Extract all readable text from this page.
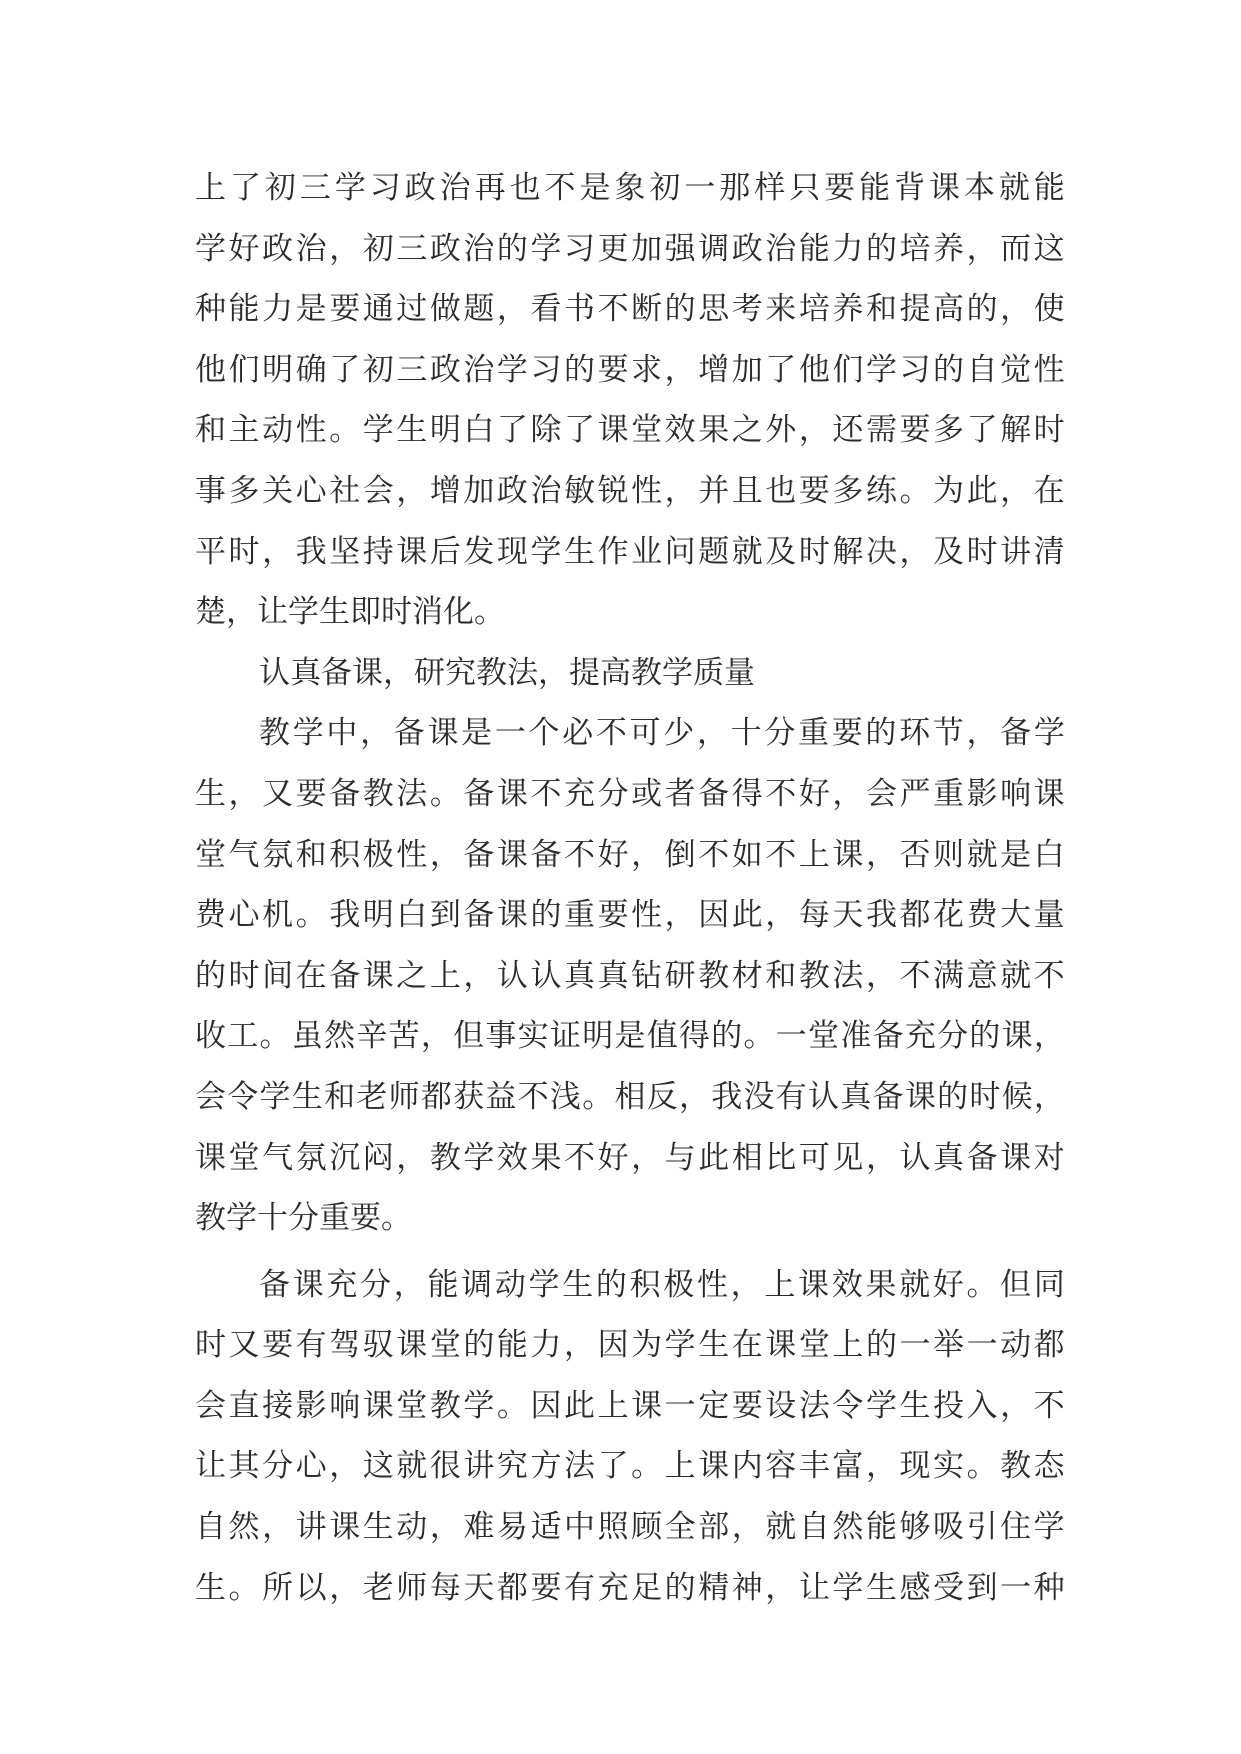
上 了 初 三 学 习 政 治 再 也 不 是 象 初 一 那 样 只 要 能 背 课 本 就 能
学 好 政 治 ， 初 三 政 治 的 学 习 更 加 强 调 政 治 能 力 的 培 养 ， 而 这
种 能 力 是 要 通 过 做 题 ， 看 书 不 断 的 思 考 来 培 养 和 提 高 的 ， 使
他 们 明 确 了 初 三 政 治 学 习 的 要 求 ， 增 加 了 他 们 学 习 的 自 觉 性
和 主 动 性 。 学 生 明 白 了 除 了 课 堂 效 果 之 外 ， 还 需 要 多 了 解 时
事 多 关 心 社 会 ， 增 加 政 治 敏 锐 性 ， 并 且 也 要 多 练 。 为 此 ， 在
平 时 ， 我 坚 持 课 后 发 现 学 生 作 业 问 题 就 及 时 解 决 ， 及 时 讲 清
楚，让学生即时消化。
认真备课，研究教法，提高教学质量
教 学 中 ， 备 课 是 一 个 必 不 可 少 ， 十 分 重 要 的 环 节 ， 备 学
生 ， 又 要 备 教 法 。 备 课 不 充 分 或 者 备 得 不 好 ， 会 严 重 影 响 课
堂 气 氛 和 积 极 性 ， 备 课 备 不 好 ， 倒 不 如 不 上 课 ， 否 则 就 是 白
费 心 机 。 我 明 白 到 备 课 的 重 要 性 ， 因 此 ， 每 天 我 都 花 费 大 量
的 时 间 在 备 课 之 上 ， 认 认 真 真 钻 研 教 材 和 教 法 ， 不 满 意 就 不
收 工 。 虽 然 辛 苦 ， 但 事 实 证 明 是 值 得 的 。 一 堂 准 备 充 分 的 课 ，
会 令 学 生 和 老 师 都 获 益 不 浅 。 相 反 ， 我 没 有 认 真 备 课 的 时 候 ，
课 堂 气 氛 沉 闷 ， 教 学 效 果 不 好 ， 与 此 相 比 可 见 ， 认 真 备 课 对
教学十分重要。
备 课 充 分 ， 能 调 动 学 生 的 积 极 性 ， 上 课 效 果 就 好 。 但 同
时 又 要 有 驾 驭 课 堂 的 能 力 ， 因 为 学 生 在 课 堂 上 的 一 举 一 动 都
会 直 接 影 响 课 堂 教 学 。 因 此 上 课 一 定 要 设 法 令 学 生 投 入 ， 不
让 其 分 心 ， 这 就 很 讲 究 方 法 了 。 上 课 内 容 丰 富 ， 现 实 。 教 态
自 然 ， 讲 课 生 动 ， 难 易 适 中 照 顾 全 部 ， 就 自 然 能 够 吸 引 住 学
生 。 所 以 ， 老 师 每 天 都 要 有 充 足 的 精 神 ， 让 学 生 感 受 到 一 种
